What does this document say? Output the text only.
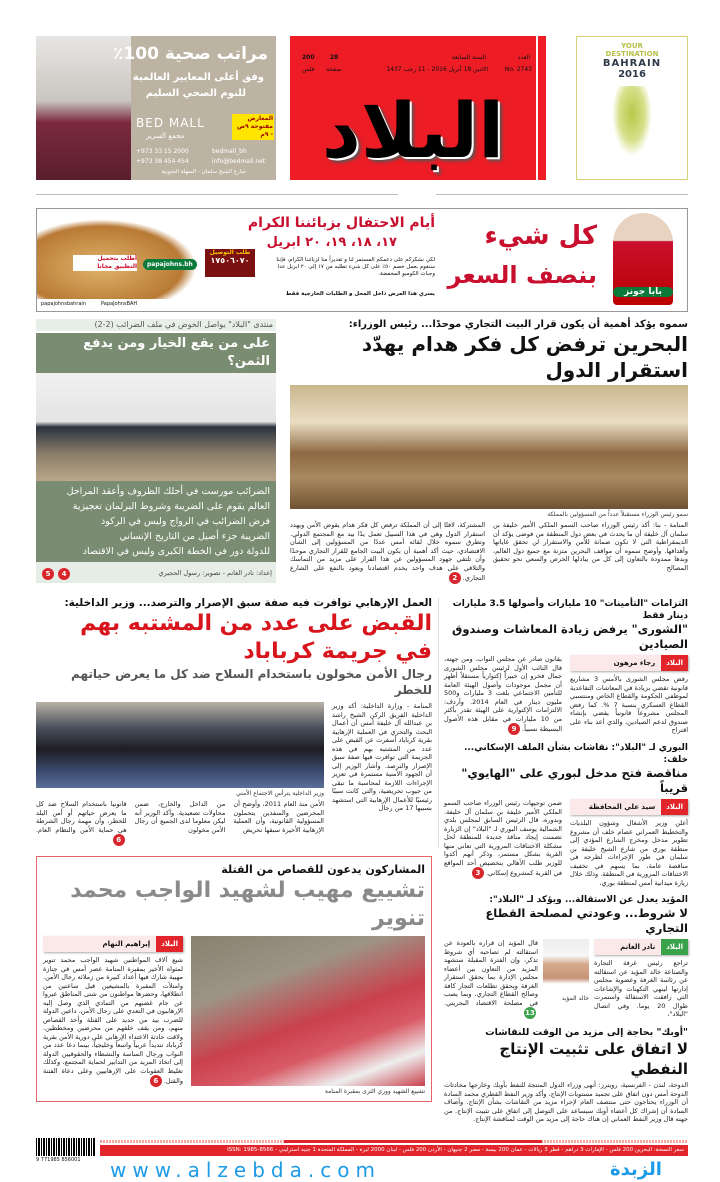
مراتب صحية 100٪
وفق أعلى المعايير العالمية
للنوم الصحي السليم
BED MALL
مجمع السرير
المعارض مفتوحة ٩ص - ٩م
+973 33 15 2000
+973 38 454 454
bedmall_bh
info@bedmall.net
شارع الشيخ سلمان - السهلة الجنوبية
العدد
No. 2743
السنة السابعة
الاثنين 18 أبريل 2016 - 11 رجب 1437
28
صفحة
200
فلس
البلاد
YOUR
DESTINATION
BAHRAIN
2016
بابا جونز
كل شيء
بنصف السعر
أيام الاحتفال بزبائننا الكرام
١٧، ١٨، ١٩، ٢٠ ابريل
لكي نشكركم على دعمكم المستمر لنا و تقديراً منا لزبائننا الكرام، فإننا سنقوم بعمل خصم ٥٠٪ على كل شيء تطلبه من ١٧ إلى ٢٠ ابريل عدا وجبات الكومبو المخفضة.
يسري هذا العرض داخل المحل و الطلبات الخارجية فقط
طلب التوصيل
١٧٥٠٦٠٧٠
papajohns.bh
أطلب بتحميل التطبيق مجانا
papajohnsbahrain	PapaJohnsBAH
منتدى "البلاد" يواصل الخوض في ملف الضرائب (2-2)
على من يقع الخيار ومن يدفع الثمن؟
الضرائب مورست في أحلك الظروف وأعقد المراحل
العالم يقوم على الضريبة وشروط البرلمان تعجيزية
فرض الضرائب في الرواج وليس في الركود
الضريبة جزء أصيل من التاريخ الإنساني
للدولة دور في الخطة الكبرى وليس في الاقتصاد
5 4	إعداد: نادر الغانم - تصوير: رسول الحجيري
سموه يؤكد أهمية أن يكون قرار البيت التجاري موحدًا... رئيس الوزراء:
البحرين ترفض كل فكر هدام يهدّد استقرار الدول
سمو رئيس الوزراء مستقبلاً عدداً من المسؤولين بالمملكة
المنامة - بنا: أكد رئيس الوزراء صاحب السمو الملكي الأمير خليفة بن سلمان آل خليفة أن ما يحدث في بعض دول المنطقة من فوضى يؤكد أن الديمقراطية التي لا تكون ضمانة للأمن والاستقرار لن تحقق غاياتها وأهدافها. وأوضح سموه أن مواقف البحرين متزنة مع جميع دول العالم، وبدها ممدودة بالتعاون إلى كل من يبادلها الحرص والسعي نحو تحقيق المصالح
المشتركة، لافتًا إلى أن المملكة ترفض كل فكر هدام يقوض الأمن ويهدد استقرار الدول وهي في هذا السبيل تعمل يدًا بيد مع المجتمع الدولي. وتطرق سموه خلال لقائه أمس عددًا من المسؤولين إلى الشأن الاقتصادي، حيث أكد أهمية أن يكون البيت الجامع للقرار التجاري موحدًا وأن تلتقي جهود المسؤولين عن هذا القرار على مزيد من التماسك والتلاقي على هدف واحد يخدم اقتصادنا ويعود بالنفع على الشارع التجاري.2
العمل الإرهابي توافرت فيه صفة سبق الإصرار والترصد... وزير الداخلية:
القبض على عدد من المشتبه بهم في جريمة كرباباد
رجال الأمن مخولون باستخدام السلاح ضد كل ما يعرض حياتهم للخطر
المنامة - وزارة الداخلية: أكد وزير الداخلية الفريق الركن الشيخ راشد بن عبدالله آل خليفة أمس أن أعمال البحث والتحري في العملية الإرهابية بقرية كرباباد أسفرت عن القبض على عدد من المشتبه بهم في هذه الجريمة التي توافرت فيها صفة سبق الإصرار والترصد. وأشار الوزير إلى أن الجهود الأمنية مستمرة في تعزيز الإجراءات اللازمة لمحاسبة ما تبقى من جيوب تحريضية، والتي كانت سببًا رئيسيًا للأعمال الإرهابية التي استشهد بسببها 17 من رجال
وزير الداخلية يترأس الاجتماع الأمني
الأمن منذ العام 2011، وأوضح أن المحرضين والمنفذين يتحملون المسؤولية القانونية، وأن العملية الإرهابية الأخيرة سبقها تحريض
من الداخل والخارج، ضمن محاولات تصعيدية. وأكد الوزير أنه ليكن معلوما لدى الجميع أن رجال الأمن مخولون
قانونيا باستخدام السلاح ضد كل ما يعرض حياتهم أو أمن البلد للخطر، وأن مهمة رجال الشرطة هي حماية الأمن والنظام العام.6
المشاركون يدعون للقصاص من القتلة
تشييع مهيب لشهيد الواجب محمد تنوير
البلاد
إبراهيم النهام
شيع آلاف المواطنين شهيد الواجب محمد تنوير لمثواه الأخير بمقبرة المنامة عصر أمس في جنازة مهيبة شارك فيها أعداد كبيرة من زملائه رجال الأمن. وامتلأت المقبرة بالمشيعين قبل ساعتين من انطلاقها، وحضرها مواطنون من شتى المناطق عبروا عن جام غضبهم من التمادي الذي وصل إليه الإرهابيون في التعدي على رجال الأمن، داعين الدولة للضرب بيد من حديد على القتلة وأخذ القصاص منهم، ومن يقف خلفهم من محرضين ومخططين. ولاقت حادثة الاعتداء الإرهابي على دورية الأمن بقرية كرباباد تنديداً عربياً واسعاً وخليجياً، بينما دعا عدد من النواب ورجال الساسة والنشطاء والحقوقيين الدولة إلى اتخاذ المزيد من التدابير لحماية المجتمع، وكذلك تغليظ العقوبات على الإرهابيين وعلى دعاة الفتنة والقتل.6
تشييع الشهيد ووري الثرى بمقبرة المنامة
التزامات "التأمينات" 10 مليارات وأصولها 3.5 مليارات دينار فقط
"الشورى" يرفض زيادة المعاشات وصندوق الصيادين
البلاد
رجاء مرهون
رفض مجلس الشورى بالأمس 3 مشاريع قانونية تقضي بزيادة في المعاشات التقاعدية لموظفي الحكومة والقطاع الخاص ومنتسبي القطاع العسكري بنسبة 7 %. كما رفض المجلس مشروعاً قانونياً يقضي بإنشاء صندوق لدعم الصيادين، والذي أعد بناء على اقتراح
بقانون صادر عن مجلس النواب. ومن جهته، قال النائب الأول لرئيس مجلس الشورى جمال فخرو إن خبيراً إكتوارياً مستقلاً أظهر أن مجمل موجودات وأصول الهيئة العامة للتأمين الاجتماعي بلغت 3 مليارات و500 مليون دينار في العام 2014. وأردف: الالتزامات الإكتوارية على الهيئة تقدر بأكثر من 10 مليارات في مقابل هذه الأصول البسيطة نسبياً.9
البوري لـ "البلاد": نقاشات بشأن الملف الإسكاني... خلف:
مناقصة فتح مدخل لبوري على "الهايوي" قريباً
البلاد
سيد علي المحافظة
أعلن وزير الأشغال وشؤون البلديات والتخطيط العمراني عصام خلف أن مشروع تطوير مدخل ومخرج الشارع المؤدي إلى منطقة بوري من شارع الشيخ خليفة بن سلمان في طور الإجراءات لطرحه في مناقصة عامة، بما يسهم في تخفيف الاختناقات المرورية في المنطقة. وذلك خلال زيارة ميدانية أمس لمنطقة بوري،
ضمن توجيهات رئيس الوزراء صاحب السمو الملكي الأمير خليفة بن سلمان آل خليفة. وبدوره، قال الرئيس السابق لمجلس بلدي الشمالية يوسف البوري لـ "البلاد" إن الزيارة تضمنت إيجاد منافذ جديدة للمنطقة لحل مشكلة الاختناقات المرورية التي تعاني منها القرية بشكل مستمر، وذكر أنهم أكدوا للوزير طلب الأهالي بتخصيص أحد المواقع في القرية كمشروع إسكاني.3
المؤيد يعدل عن الاستقالة... ويؤكد لـ "البلاد":
لا شروط... وعودتي لمصلحة القطاع التجاري
البلاد
نادر الغانم
تراجع رئيس غرفة التجارة والصناعة خالد المؤيد عن استقالته عن رئاسة الغرفة وعضوية مجلس إدارتها لينهي التكهنات والإشاعات التي رافقت الاستقالة واستمرت طوال 20 يوما. وفي اتصال "البلاد"،
خالد المؤيد
قال المؤيد إن قراره بالعودة عن استقالته لم تصاحبه أي شروط تذكر، وإن الفترة المقبلة ستشهد المزيد من التعاون بين أعضاء مجلس الإدارة بما يحقق استقرار الغرفة ويحقق تطلعات التجار كافة وصالح القطاع التجاري، وبما يصب في مصلحة الاقتصاد البحريني.13
"أوبك" بحاجة إلى مزيد من الوقت للنقاشات
لا اتفاق على تثبيت الإنتاج النفطي
الدوحة، لندن - الفرنسية، رويترز: أنهى وزراء الدول المنتجة للنفط بأوبك وخارجها محادثات الدوحة أمس دون اتفاق على تجميد مستويات الإنتاج، وأكد وزير النفط القطري محمد السادة أن الوزراء يحتاجون حتى منتصف العام لإجراء مزيد من النقاشات بشأن الإنتاج. وأضاف السادة أن إشراك كل أعضاء أوبك سيساعد على التوصل إلى اتفاق على تثبيت الإنتاج. من جهته قال وزير النفط العماني إن هناك حاجة إلى مزيد من الوقت لمناقشة الإنتاج.
سعر النسخة: البحرين 200 فلس - الإمارات 3 دراهم - قطر 3 ريالات - عمان 200 بيسة - مصر 2 جنيهان - الأردن 200 فلس - لبنان 2000 ليرة - المملكة المتحدة 1 جنيه استرليني - ISSN: 1985-8566
9 771985 856001 www.alzebda.com	الزبدة
